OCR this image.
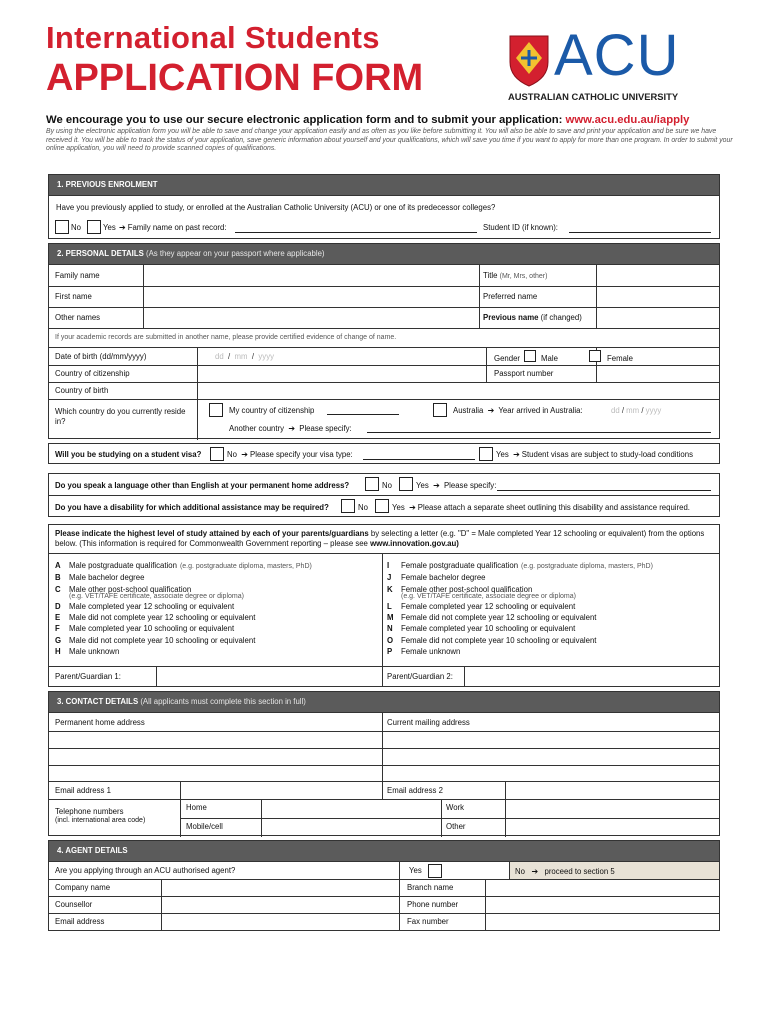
International Students
APPLICATION FORM ACU
AUSTRALIAN CATHOLIC UNIVERSITY
We encourage you to use our secure electronic application form and to submit your application: www.acu.edu.au/iapply
By using the electronic application form you will be able to save and change your application easily and as often as you like before submitting it. You will also be able to save and print your application and be sure we have received it. You will be able to track the status of your application, save generic information about yourself and your qualifications, which will save you time if you want to apply for more than one program. In order to submit your online application, you will need to provide scanned copies of qualifications.
1. PREVIOUS ENROLMENT
Have you previously applied to study, or enrolled at the Australian Catholic University (ACU) or one of its predecessor colleges?
No	Yes ➔ Family name on past record:	Student ID (if known):
2. PERSONAL DETAILS (As they appear on your passport where applicable)
Family name	Title (Mr, Mrs, other)
First name	Preferred name
Other names	Previous name (if changed)
If your academic records are submitted in another name, please provide certified evidence of change of name.
Date of birth (dd/mm/yyyy)	dd / mm / yyyy	Gender	Male	Female
Country of citizenship	Passport number
Country of birth
Which country do you currently reside in?
My country of citizenship	Australia  ➔  Year arrived in Australia:	dd / mm / yyyy
Another country  ➔  Please specify:
Will you be studying on a student visa?	No  ➔ Please specify your visa type:	Yes  ➔ Student visas are subject to study-load conditions
Do you speak a language other than English at your permanent home address?	No	Yes  ➔  Please specify:
Do you have a disability for which additional assistance may be required?	No	Yes  ➔ Please attach a separate sheet outlining this disability and assistance required.
Please indicate the highest level of study attained by each of your parents/guardians by selecting a letter (e.g. "D" = Male completed Year 12 schooling or equivalent) from the options below. (This information is required for Commonwealth Government reporting – please see www.innovation.gov.au)
A Male postgraduate qualification (e.g. postgraduate diploma, masters, PhD)
B Male bachelor degree
C Male other post-school qualification
(e.g. VET/TAFE certificate, associate degree or diploma)
D Male completed year 12 schooling or equivalent
E Male did not complete year 12 schooling or equivalent
F Male completed year 10 schooling or equivalent
G Male did not complete year 10 schooling or equivalent
H Male unknown
I Female postgraduate qualification (e.g. postgraduate diploma, masters, PhD)
J Female bachelor degree
K Female other post-school qualification
(e.g. VET/TAFE certificate, associate degree or diploma)
L Female completed year 12 schooling or equivalent
M Female did not complete year 12 schooling or equivalent
N Female completed year 10 schooling or equivalent
O Female did not complete year 10 schooling or equivalent
P Female unknown
Parent/Guardian 1:	Parent/Guardian 2:
3. CONTACT DETAILS (All applicants must complete this section in full)
Permanent home address	Current mailing address
Email address 1	Email address 2
Telephone numbers
(incl. international area code)
Home	Work
Mobile/cell	Other
4. AGENT DETAILS
Are you applying through an ACU authorised agent?	Yes	No   ➔   proceed to section 5
Company name	Branch name
Counsellor	Phone number
Email address	Fax number
